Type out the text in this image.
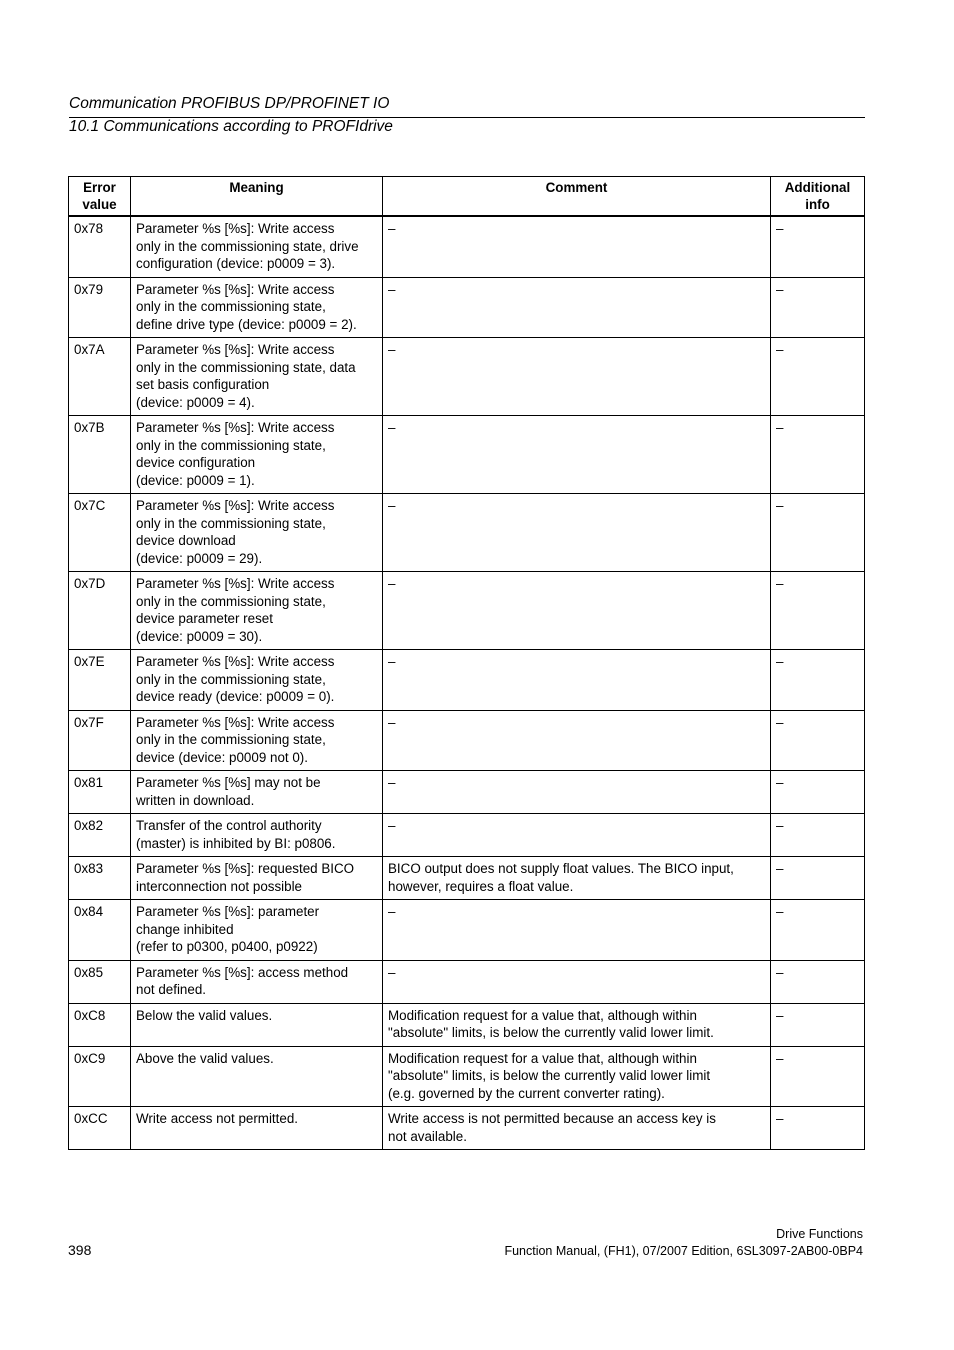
Communication PROFIBUS DP/PROFINET IO
10.1 Communications according to PROFIdrive
Error
value	Meaning	Comment	Additional
info
0x78	Parameter %s [%s]: Write access
only in the commissioning state, drive
configuration (device: p0009 = 3).	–	–
0x79	Parameter %s [%s]: Write access
only in the commissioning state,
define drive type (device: p0009 = 2).	–	–
0x7A	Parameter %s [%s]: Write access
only in the commissioning state, data
set basis configuration
(device: p0009 = 4).	–	–
0x7B	Parameter %s [%s]: Write access
only in the commissioning state,
device configuration
(device: p0009 = 1).	–	–
0x7C	Parameter %s [%s]: Write access
only in the commissioning state,
device download
(device: p0009 = 29).	–	–
0x7D	Parameter %s [%s]: Write access
only in the commissioning state,
device parameter reset
(device: p0009 = 30).	–	–
0x7E	Parameter %s [%s]: Write access
only in the commissioning state,
device ready (device: p0009 = 0).	–	–
0x7F	Parameter %s [%s]: Write access
only in the commissioning state,
device (device: p0009 not 0).	–	–
0x81	Parameter %s [%s] may not be
written in download.	–	–
0x82	Transfer of the control authority
(master) is inhibited by BI: p0806.	–	–
0x83	Parameter %s [%s]: requested BICO
interconnection not possible	BICO output does not supply float values. The BICO input,
however, requires a float value.	–
0x84	Parameter %s [%s]: parameter
change inhibited
(refer to p0300, p0400, p0922)	–	–
0x85	Parameter %s [%s]: access method
not defined.	–	–
0xC8	Below the valid values.	Modification request for a value that, although within
"absolute" limits, is below the currently valid lower limit.	–
0xC9	Above the valid values.	Modification request for a value that, although within
"absolute" limits, is below the currently valid lower limit
(e.g. governed by the current converter rating).	–
0xCC	Write access not permitted.	Write access is not permitted because an access key is
not available.	–
Drive Functions
398	Function Manual, (FH1), 07/2007 Edition, 6SL3097-2AB00-0BP4
